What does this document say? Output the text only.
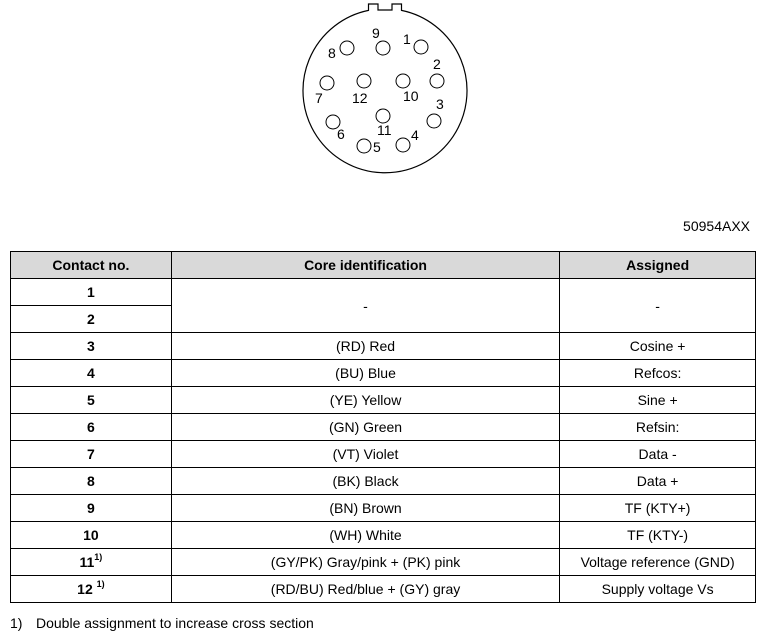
1
2
3
4
5
6
7
8
9
10
11
12
50954AXX
Contact no.	Core identification	Assigned
1	-	-
2		
3	(RD) Red	Cosine +
4	(BU) Blue	Refcos:
5	(YE) Yellow	Sine +
6	(GN) Green	Refsin:
7	(VT) Violet	Data -
8	(BK) Black	Data +
9	(BN) Brown	TF (KTY+)
10	(WH) White	TF (KTY-)
11$^{1)}$	(GY/PK) Gray/pink + (PK) pink	Voltage reference (GND)
12 $^{1)}$	(RD/BU) Red/blue + (GY) gray	Supply voltage Vs
1) Double assignment to increase cross section
